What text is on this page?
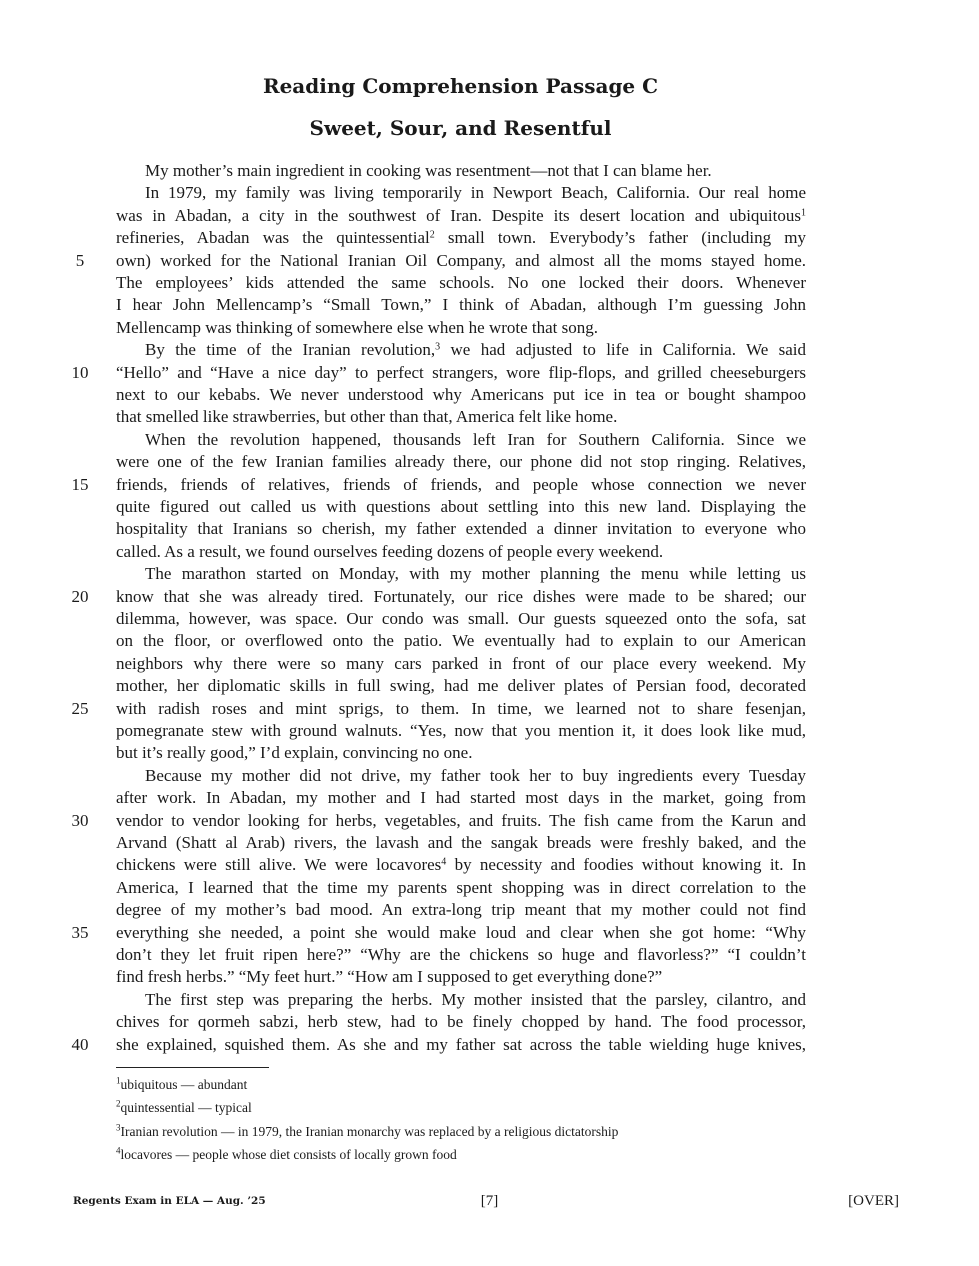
Reading Comprehension Passage C
Sweet, Sour, and Resentful
My mother’s main ingredient in cooking was resentment—not that I can blame her.
In 1979, my family was living temporarily in Newport Beach, California. Our real home
was in Abadan, a city in the southwest of Iran. Despite its desert location and ubiquitous$^1$
refineries, Abadan was the quintessential$^2$ small town. Everybody’s father (including my
own) worked for the National Iranian Oil Company, and almost all the moms stayed home.
The employees’ kids attended the same schools. No one locked their doors. Whenever
I hear John Mellencamp’s “Small Town,” I think of Abadan, although I’m guessing John
Mellencamp was thinking of somewhere else when he wrote that song.
By the time of the Iranian revolution,$^3$ we had adjusted to life in California. We said
“Hello” and “Have a nice day” to perfect strangers, wore flip-flops, and grilled cheeseburgers
next to our kebabs. We never understood why Americans put ice in tea or bought shampoo
that smelled like strawberries, but other than that, America felt like home.
When the revolution happened, thousands left Iran for Southern California. Since we
were one of the few Iranian families already there, our phone did not stop ringing. Relatives,
friends, friends of relatives, friends of friends, and people whose connection we never
quite figured out called us with questions about settling into this new land. Displaying the
hospitality that Iranians so cherish, my father extended a dinner invitation to everyone who
called. As a result, we found ourselves feeding dozens of people every weekend.
The marathon started on Monday, with my mother planning the menu while letting us
know that she was already tired. Fortunately, our rice dishes were made to be shared; our
dilemma, however, was space. Our condo was small. Our guests squeezed onto the sofa, sat
on the floor, or overflowed onto the patio. We eventually had to explain to our American
neighbors why there were so many cars parked in front of our place every weekend. My
mother, her diplomatic skills in full swing, had me deliver plates of Persian food, decorated
with radish roses and mint sprigs, to them. In time, we learned not to share fesenjan,
pomegranate stew with ground walnuts. “Yes, now that you mention it, it does look like mud,
but it’s really good,” I’d explain, convincing no one.
Because my mother did not drive, my father took her to buy ingredients every Tuesday
after work. In Abadan, my mother and I had started most days in the market, going from
vendor to vendor looking for herbs, vegetables, and fruits. The fish came from the Karun and
Arvand (Shatt al Arab) rivers, the lavash and the sangak breads were freshly baked, and the
chickens were still alive. We were locavores$^4$ by necessity and foodies without knowing it. In
America, I learned that the time my parents spent shopping was in direct correlation to the
degree of my mother’s bad mood. An extra-long trip meant that my mother could not find
everything she needed, a point she would make loud and clear when she got home: “Why
don’t they let fruit ripen here?” “Why are the chickens so huge and flavorless?” “I couldn’t
find fresh herbs.” “My feet hurt.” “How am I supposed to get everything done?”
The first step was preparing the herbs. My mother insisted that the parsley, cilantro, and
chives for qormeh sabzi, herb stew, had to be finely chopped by hand. The food processor,
she explained, squished them. As she and my father sat across the table wielding huge knives,
5
10
15
20
25
30
35
40
$^1$ubiquitous — abundant
$^2$quintessential — typical
$^3$Iranian revolution — in 1979, the Iranian monarchy was replaced by a religious dictatorship
$^4$locavores — people whose diet consists of locally grown food
Regents Exam in ELA — Aug. ’25	[7]	[OVER]
